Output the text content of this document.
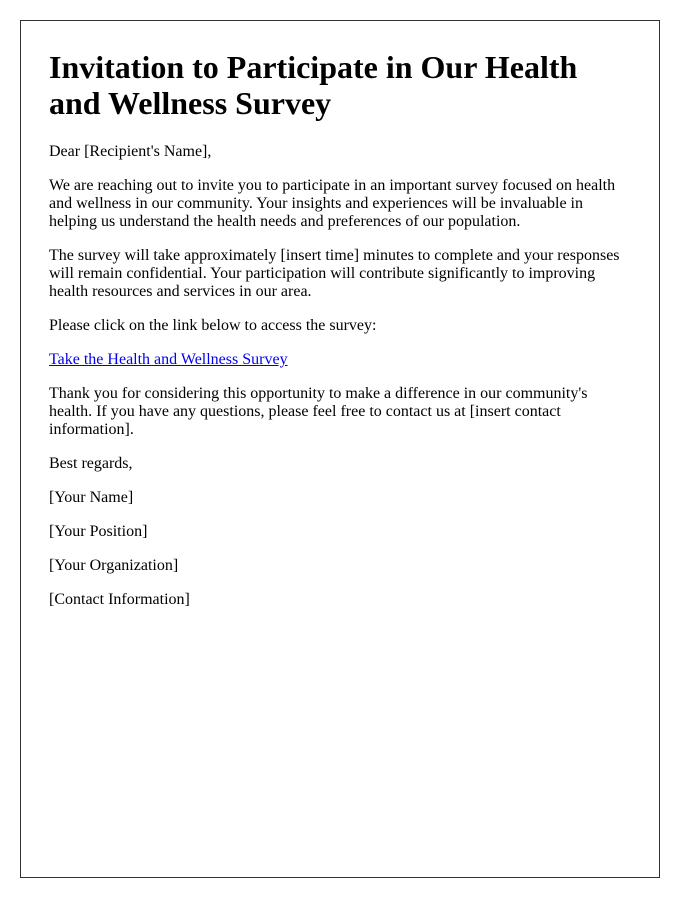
Invitation to Participate in Our Health and Wellness Survey

Dear [Recipient's Name],

We are reaching out to invite you to participate in an important survey focused on health and wellness in our community. Your insights and experiences will be invaluable in helping us understand the health needs and preferences of our population.

The survey will take approximately [insert time] minutes to complete and your responses will remain confidential. Your participation will contribute significantly to improving health resources and services in our area.

Please click on the link below to access the survey:

Take the Health and Wellness Survey

Thank you for considering this opportunity to make a difference in our community's health. If you have any questions, please feel free to contact us at [insert contact information].

Best regards,

[Your Name]

[Your Position]

[Your Organization]

[Contact Information]
